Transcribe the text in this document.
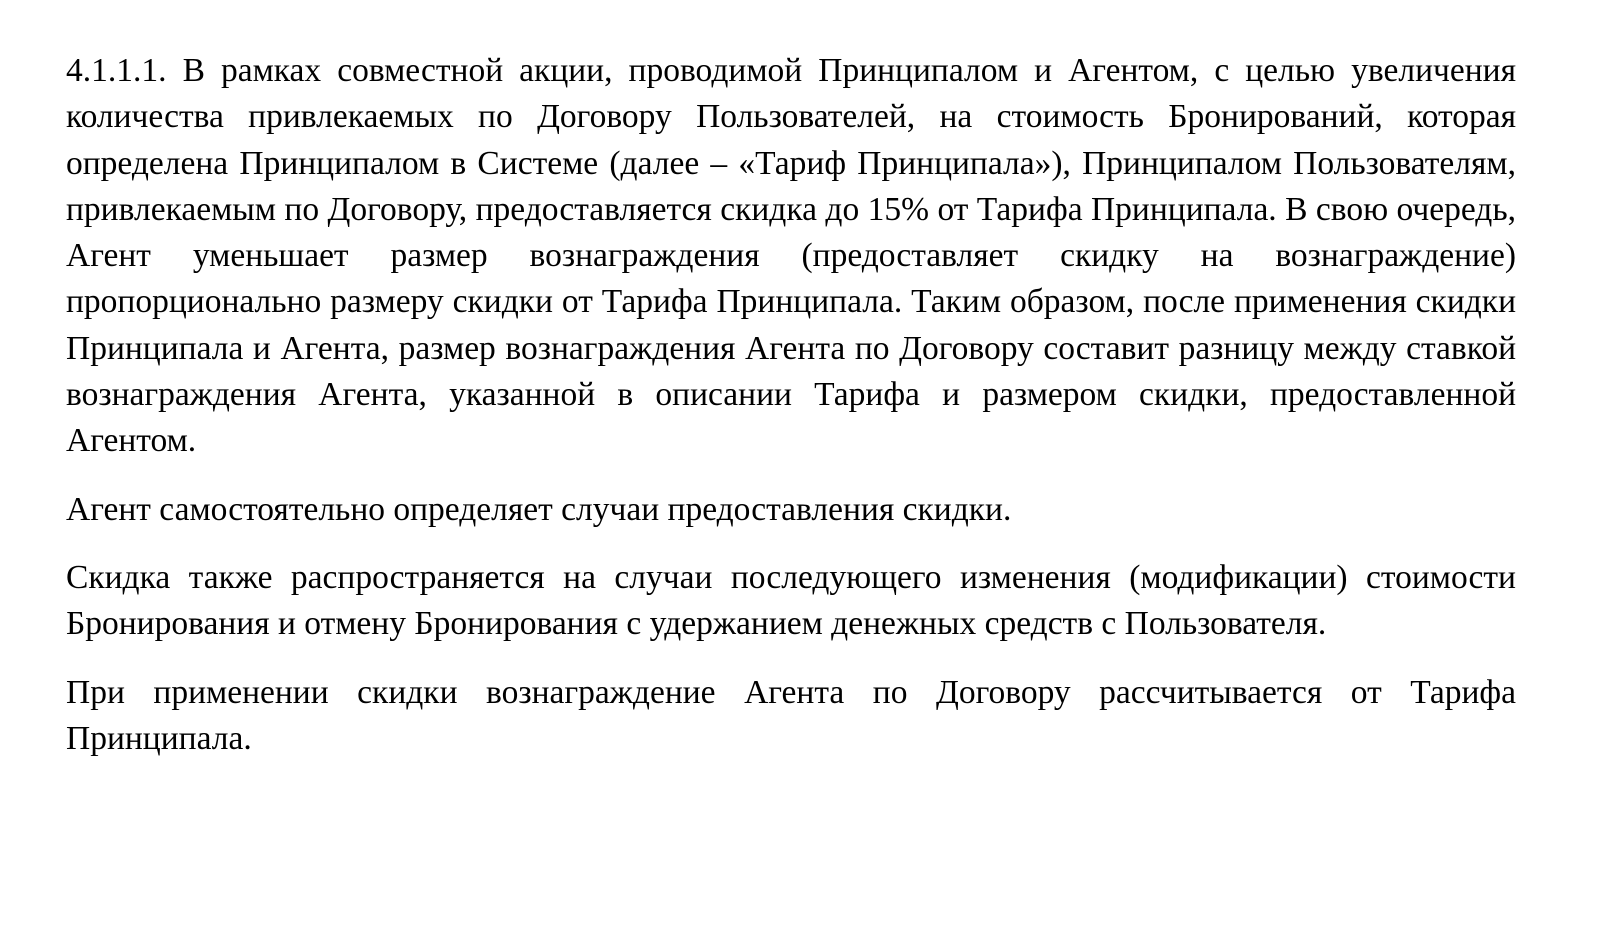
4.1.1.1. В рамках совместной акции, проводимой Принципалом и Агентом, с целью увеличения количества привлекаемых по Договору Пользователей, на стоимость Бронирований, которая определена Принципалом в Системе (далее – «Тариф Принципала»), Принципалом Пользователям, привлекаемым по Договору, предоставляется скидка до 15% от Тарифа Принципала. В свою очередь, Агент уменьшает размер вознаграждения (предоставляет скидку на вознаграждение) пропорционально размеру скидки от Тарифа Принципала. Таким образом, после применения скидки Принципала и Агента, размер вознаграждения Агента по Договору составит разницу между ставкой вознаграждения Агента, указанной в описании Тарифа и размером скидки, предоставленной Агентом.

Агент самостоятельно определяет случаи предоставления скидки.

Скидка также распространяется на случаи последующего изменения (модификации) стоимости Бронирования и отмену Бронирования с удержанием денежных средств с Пользователя.

При применении скидки вознаграждение Агента по Договору рассчитывается от Тарифа Принципала.
